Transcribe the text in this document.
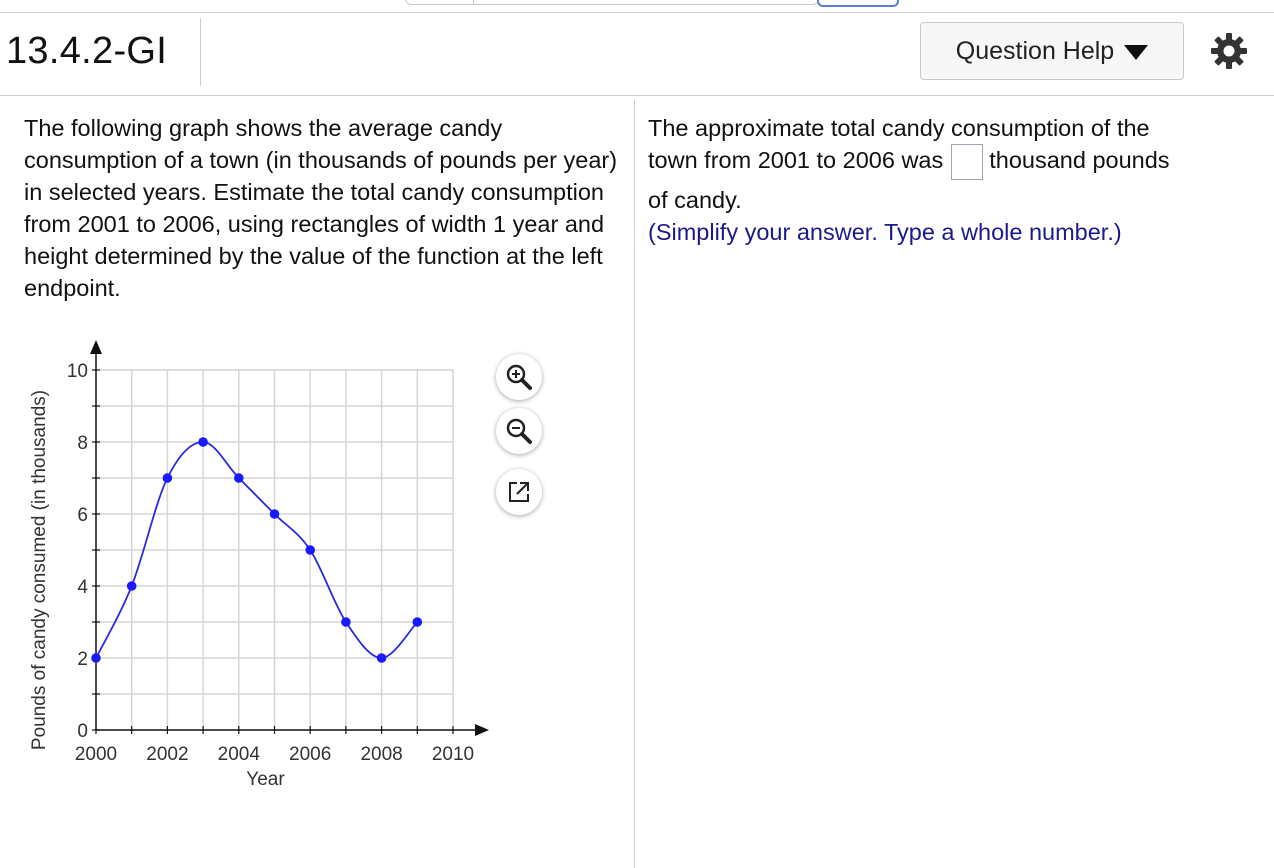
13.4.2-GI	Question Help
The following graph shows the average candy consumption of a town (in thousands of pounds per year) in selected years. Estimate the total candy consumption from 2001 to 2006, using rectangles of width 1 year and height determined by the value of the function at the left endpoint.
The approximate total candy consumption of the
town from 2001 to 2006 was thousand pounds
of candy.
(Simplify your answer. Type a whole number.)
2000 2002 2004 2006 2008 2010
0
2
4
6
8
10
Year
Pounds of candy consumed (in thousands)
